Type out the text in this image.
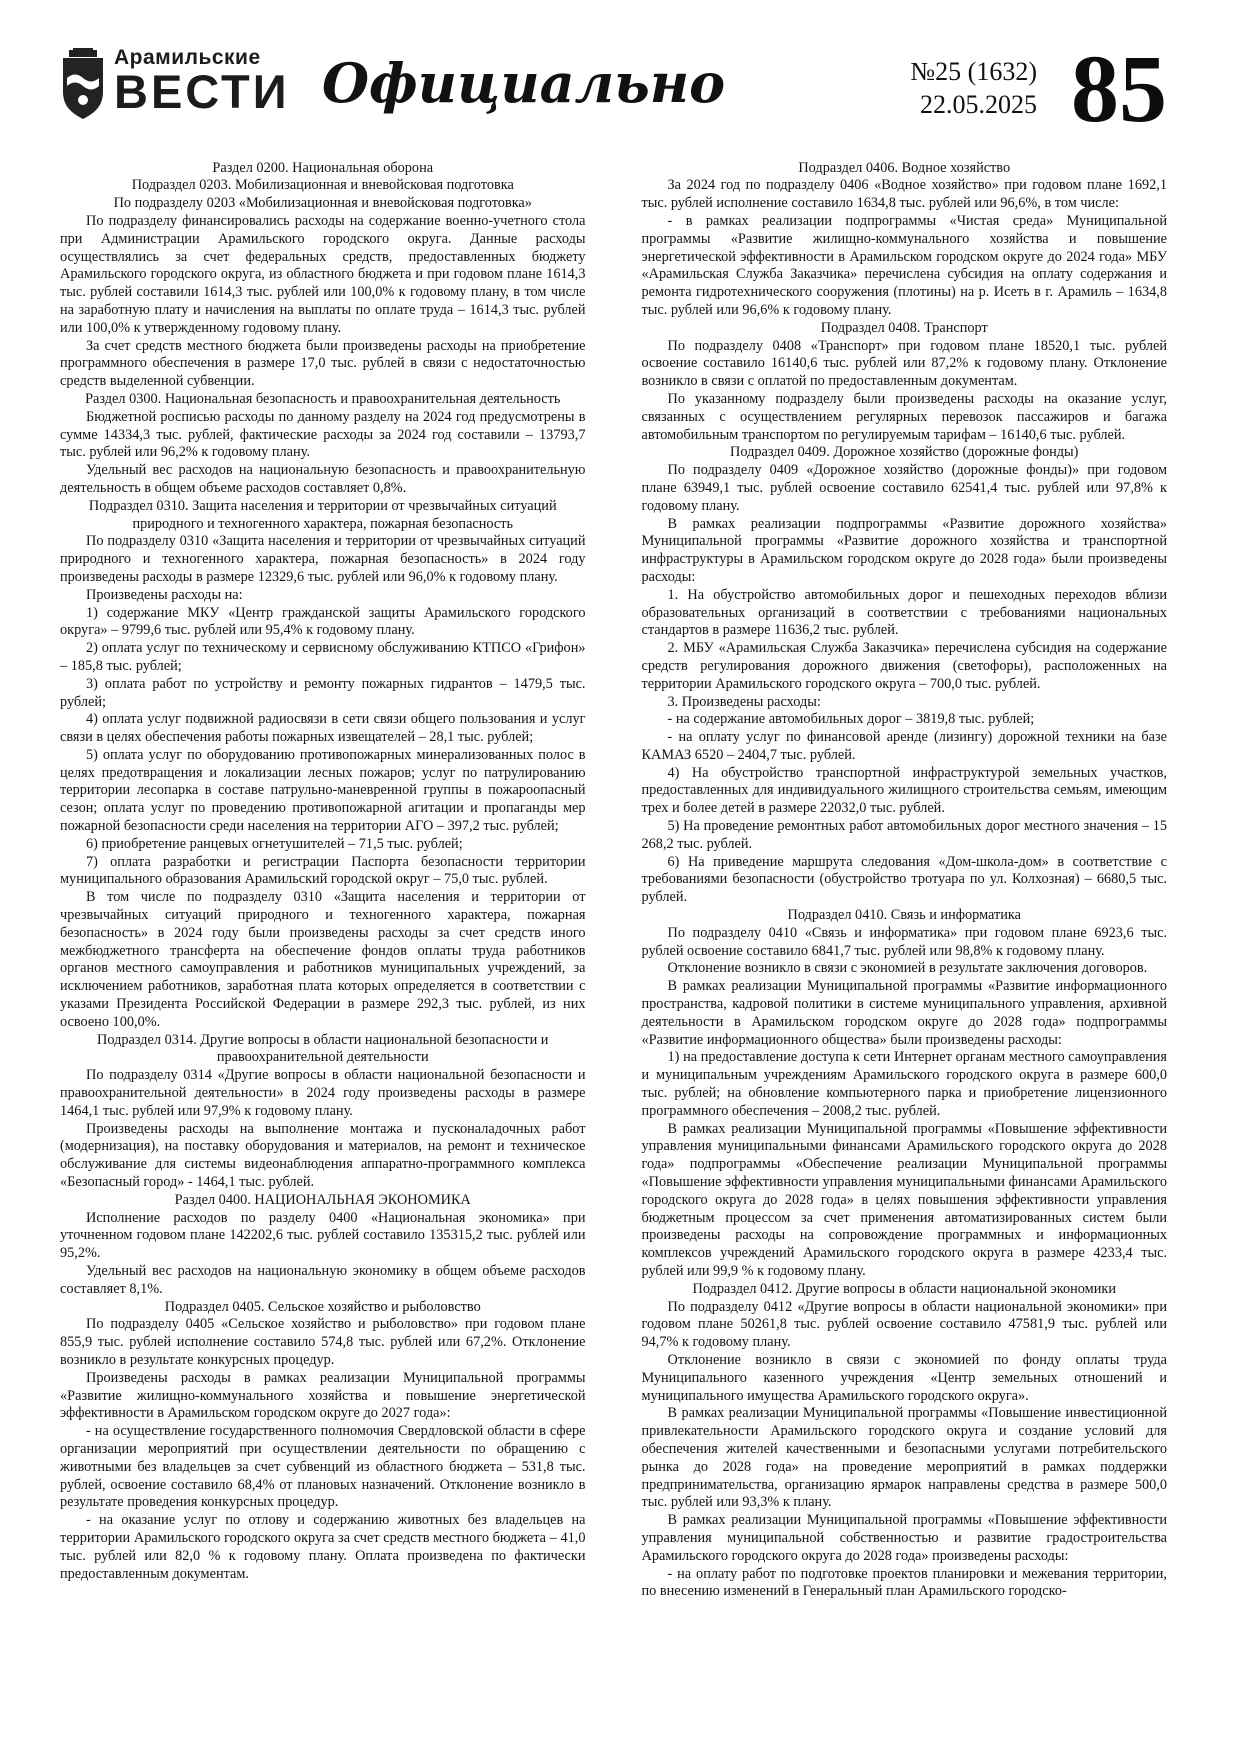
Арамильские
ВЕСТИ Официально	№25 (1632)
22.05.2025 85

Раздел 0200. Национальная оборона

Подраздел 0203. Мобилизационная и вневойсковая подготовка

По подразделу 0203 «Мобилизационная и вневойсковая подготовка»

По подразделу финансировались расходы на содержание военно-учетного стола при Администрации Арамильского городского округа. Данные расходы осуществлялись за счет федеральных средств, предоставленных бюджету Арамильского городского округа, из областного бюджета и при годовом плане 1614,3 тыс. рублей составили 1614,3 тыс. рублей или 100,0% к годовому плану, в том числе на заработную плату и начисления на выплаты по оплате труда – 1614,3 тыс. рублей или 100,0% к утвержденному годовому плану.

За счет средств местного бюджета были произведены расходы на приобретение программного обеспечения в размере 17,0 тыс. рублей в связи с недостаточностью средств выделенной субвенции.

Раздел 0300. Национальная безопасность и правоохранительная деятельность

Бюджетной росписью расходы по данному разделу на 2024 год предусмотрены в сумме 14334,3 тыс. рублей, фактические расходы за 2024 год составили – 13793,7 тыс. рублей или 96,2% к годовому плану.

Удельный вес расходов на национальную безопасность и правоохранительную деятельность в общем объеме расходов составляет 0,8%.

Подраздел 0310. Защита населения и территории от чрезвычайных ситуаций природного и техногенного характера, пожарная безопасность

По подразделу 0310 «Защита населения и территории от чрезвычайных ситуаций природного и техногенного характера, пожарная безопасность» в 2024 году произведены расходы в размере 12329,6 тыс. рублей или 96,0% к годовому плану.

Произведены расходы на:

1) содержание МКУ «Центр гражданской защиты Арамильского городского округа» – 9799,6 тыс. рублей или 95,4% к годовому плану.

2) оплата услуг по техническому и сервисному обслуживанию КТПСО «Грифон» – 185,8 тыс. рублей;

3) оплата работ по устройству и ремонту пожарных гидрантов – 1479,5 тыс. рублей;

4) оплата услуг подвижной радиосвязи в сети связи общего пользования и услуг связи в целях обеспечения работы пожарных извещателей – 28,1 тыс. рублей;

5) оплата услуг по оборудованию противопожарных минерализованных полос в целях предотвращения и локализации лесных пожаров; услуг по патрулированию территории лесопарка в составе патрульно-маневренной группы в пожароопасный сезон; оплата услуг по проведению противопожарной агитации и пропаганды мер пожарной безопасности среди населения на территории АГО – 397,2 тыс. рублей;

6) приобретение ранцевых огнетушителей – 71,5 тыс. рублей;

7) оплата разработки и регистрации Паспорта безопасности территории муниципального образования Арамильский городской округ – 75,0 тыс. рублей.

В том числе по подразделу 0310 «Защита населения и территории от чрезвычайных ситуаций природного и техногенного характера, пожарная безопасность» в 2024 году были произведены расходы за счет средств иного межбюджетного трансферта на обеспечение фондов оплаты труда работников органов местного самоуправления и работников муниципальных учреждений, за исключением работников, заработная плата которых определяется в соответствии с указами Президента Российской Федерации в размере 292,3 тыс. рублей, из них освоено 100,0%.

Подраздел 0314. Другие вопросы в области национальной безопасности и правоохранительной деятельности

По подразделу 0314 «Другие вопросы в области национальной безопасности и правоохранительной деятельности» в 2024 году произведены расходы в размере 1464,1 тыс. рублей или 97,9% к годовому плану.

Произведены расходы на выполнение монтажа и пусконаладочных работ (модернизация), на поставку оборудования и материалов, на ремонт и техническое обслуживание для системы видеонаблюдения аппаратно-программного комплекса «Безопасный город» - 1464,1 тыс. рублей.

Раздел 0400. НАЦИОНАЛЬНАЯ ЭКОНОМИКА

Исполнение расходов по разделу 0400 «Национальная экономика» при уточненном годовом плане 142202,6 тыс. рублей составило 135315,2 тыс. рублей или 95,2%.

Удельный вес расходов на национальную экономику в общем объеме расходов составляет 8,1%.

Подраздел 0405. Сельское хозяйство и рыболовство

По подразделу 0405 «Сельское хозяйство и рыболовство» при годовом плане 855,9 тыс. рублей исполнение составило 574,8 тыс. рублей или 67,2%. Отклонение возникло в результате конкурсных процедур.

Произведены расходы в рамках реализации Муниципальной программы «Развитие жилищно-коммунального хозяйства и повышение энергетической эффективности в Арамильском городском округе до 2027 года»:

- на осуществление государственного полномочия Свердловской области в сфере организации мероприятий при осуществлении деятельности по обращению с животными без владельцев за счет субвенций из областного бюджета – 531,8 тыс. рублей, освоение составило 68,4% от плановых назначений. Отклонение возникло в результате проведения конкурсных процедур.

- на оказание услуг по отлову и содержанию животных без владельцев на территории Арамильского городского округа за счет средств местного бюджета – 41,0 тыс. рублей или 82,0 % к годовому плану. Оплата произведена по фактически предоставленным документам.

Подраздел 0406. Водное хозяйство

За 2024 год по подразделу 0406 «Водное хозяйство» при годовом плане 1692,1 тыс. рублей исполнение составило 1634,8 тыс. рублей или 96,6%, в том числе:

- в рамках реализации подпрограммы «Чистая среда» Муниципальной программы «Развитие жилищно-коммунального хозяйства и повышение энергетической эффективности в Арамильском городском округе до 2024 года» МБУ «Арамильская Служба Заказчика» перечислена субсидия на оплату содержания и ремонта гидротехнического сооружения (плотины) на р. Исеть в г. Арамиль – 1634,8 тыс. рублей или 96,6% к годовому плану.

Подраздел 0408. Транспорт

По подразделу 0408 «Транспорт» при годовом плане 18520,1 тыс. рублей освоение составило 16140,6 тыс. рублей или 87,2% к годовому плану. Отклонение возникло в связи с оплатой по предоставленным документам.

По указанному подразделу были произведены расходы на оказание услуг, связанных с осуществлением регулярных перевозок пассажиров и багажа автомобильным транспортом по регулируемым тарифам – 16140,6 тыс. рублей.

Подраздел 0409. Дорожное хозяйство (дорожные фонды)

По подразделу 0409 «Дорожное хозяйство (дорожные фонды)» при годовом плане 63949,1 тыс. рублей освоение составило 62541,4 тыс. рублей или 97,8% к годовому плану.

В рамках реализации подпрограммы «Развитие дорожного хозяйства» Муниципальной программы «Развитие дорожного хозяйства и транспортной инфраструктуры в Арамильском городском округе до 2028 года» были произведены расходы:

1. На обустройство автомобильных дорог и пешеходных переходов вблизи образовательных организаций в соответствии с требованиями национальных стандартов в размере 11636,2 тыс. рублей.

2. МБУ «Арамильская Служба Заказчика» перечислена субсидия на содержание средств регулирования дорожного движения (светофоры), расположенных на территории Арамильского городского округа – 700,0 тыс. рублей.

3. Произведены расходы:

- на содержание автомобильных дорог – 3819,8 тыс. рублей;

- на оплату услуг по финансовой аренде (лизингу) дорожной техники на базе КАМАЗ 6520 – 2404,7 тыс. рублей.

4) На обустройство транспортной инфраструктурой земельных участков, предоставленных для индивидуального жилищного строительства семьям, имеющим трех и более детей в размере 22032,0 тыс. рублей.

5) На проведение ремонтных работ автомобильных дорог местного значения – 15 268,2 тыс. рублей.

6) На приведение маршрута следования «Дом-школа-дом» в соответствие с требованиями безопасности (обустройство тротуара по ул. Колхозная) – 6680,5 тыс. рублей.

Подраздел 0410. Связь и информатика

По подразделу 0410 «Связь и информатика» при годовом плане 6923,6 тыс. рублей освоение составило 6841,7 тыс. рублей или 98,8% к годовому плану.

Отклонение возникло в связи с экономией в результате заключения договоров.

В рамках реализации Муниципальной программы «Развитие информационного пространства, кадровой политики в системе муниципального управления, архивной деятельности в Арамильском городском округе до 2028 года» подпрограммы «Развитие информационного общества» были произведены расходы:

1) на предоставление доступа к сети Интернет органам местного самоуправления и муниципальным учреждениям Арамильского городского округа в размере 600,0 тыс. рублей; на обновление компьютерного парка и приобретение лицензионного программного обеспечения – 2008,2 тыс. рублей.

В рамках реализации Муниципальной программы «Повышение эффективности управления муниципальными финансами Арамильского городского округа до 2028 года» подпрограммы «Обеспечение реализации Муниципальной программы «Повышение эффективности управления муниципальными финансами Арамильского городского округа до 2028 года» в целях повышения эффективности управления бюджетным процессом за счет применения автоматизированных систем были произведены расходы на сопровождение программных и информационных комплексов учреждений Арамильского городского округа в размере 4233,4 тыс. рублей или 99,9 % к годовому плану.

Подраздел 0412. Другие вопросы в области национальной экономики

По подразделу 0412 «Другие вопросы в области национальной экономики» при годовом плане 50261,8 тыс. рублей освоение составило 47581,9 тыс. рублей или 94,7% к годовому плану.

Отклонение возникло в связи с экономией по фонду оплаты труда Муниципального казенного учреждения «Центр земельных отношений и муниципального имущества Арамильского городского округа».

В рамках реализации Муниципальной программы «Повышение инвестиционной привлекательности Арамильского городского округа и создание условий для обеспечения жителей качественными и безопасными услугами потребительского рынка до 2028 года» на проведение мероприятий в рамках поддержки предпринимательства, организацию ярмарок направлены средства в размере 500,0 тыс. рублей или 93,3% к плану.

В рамках реализации Муниципальной программы «Повышение эффективности управления муниципальной собственностью и развитие градостроительства Арамильского городского округа до 2028 года» произведены расходы:

- на оплату работ по подготовке проектов планировки и межевания территории, по внесению изменений в Генеральный план Арамильского городско-
